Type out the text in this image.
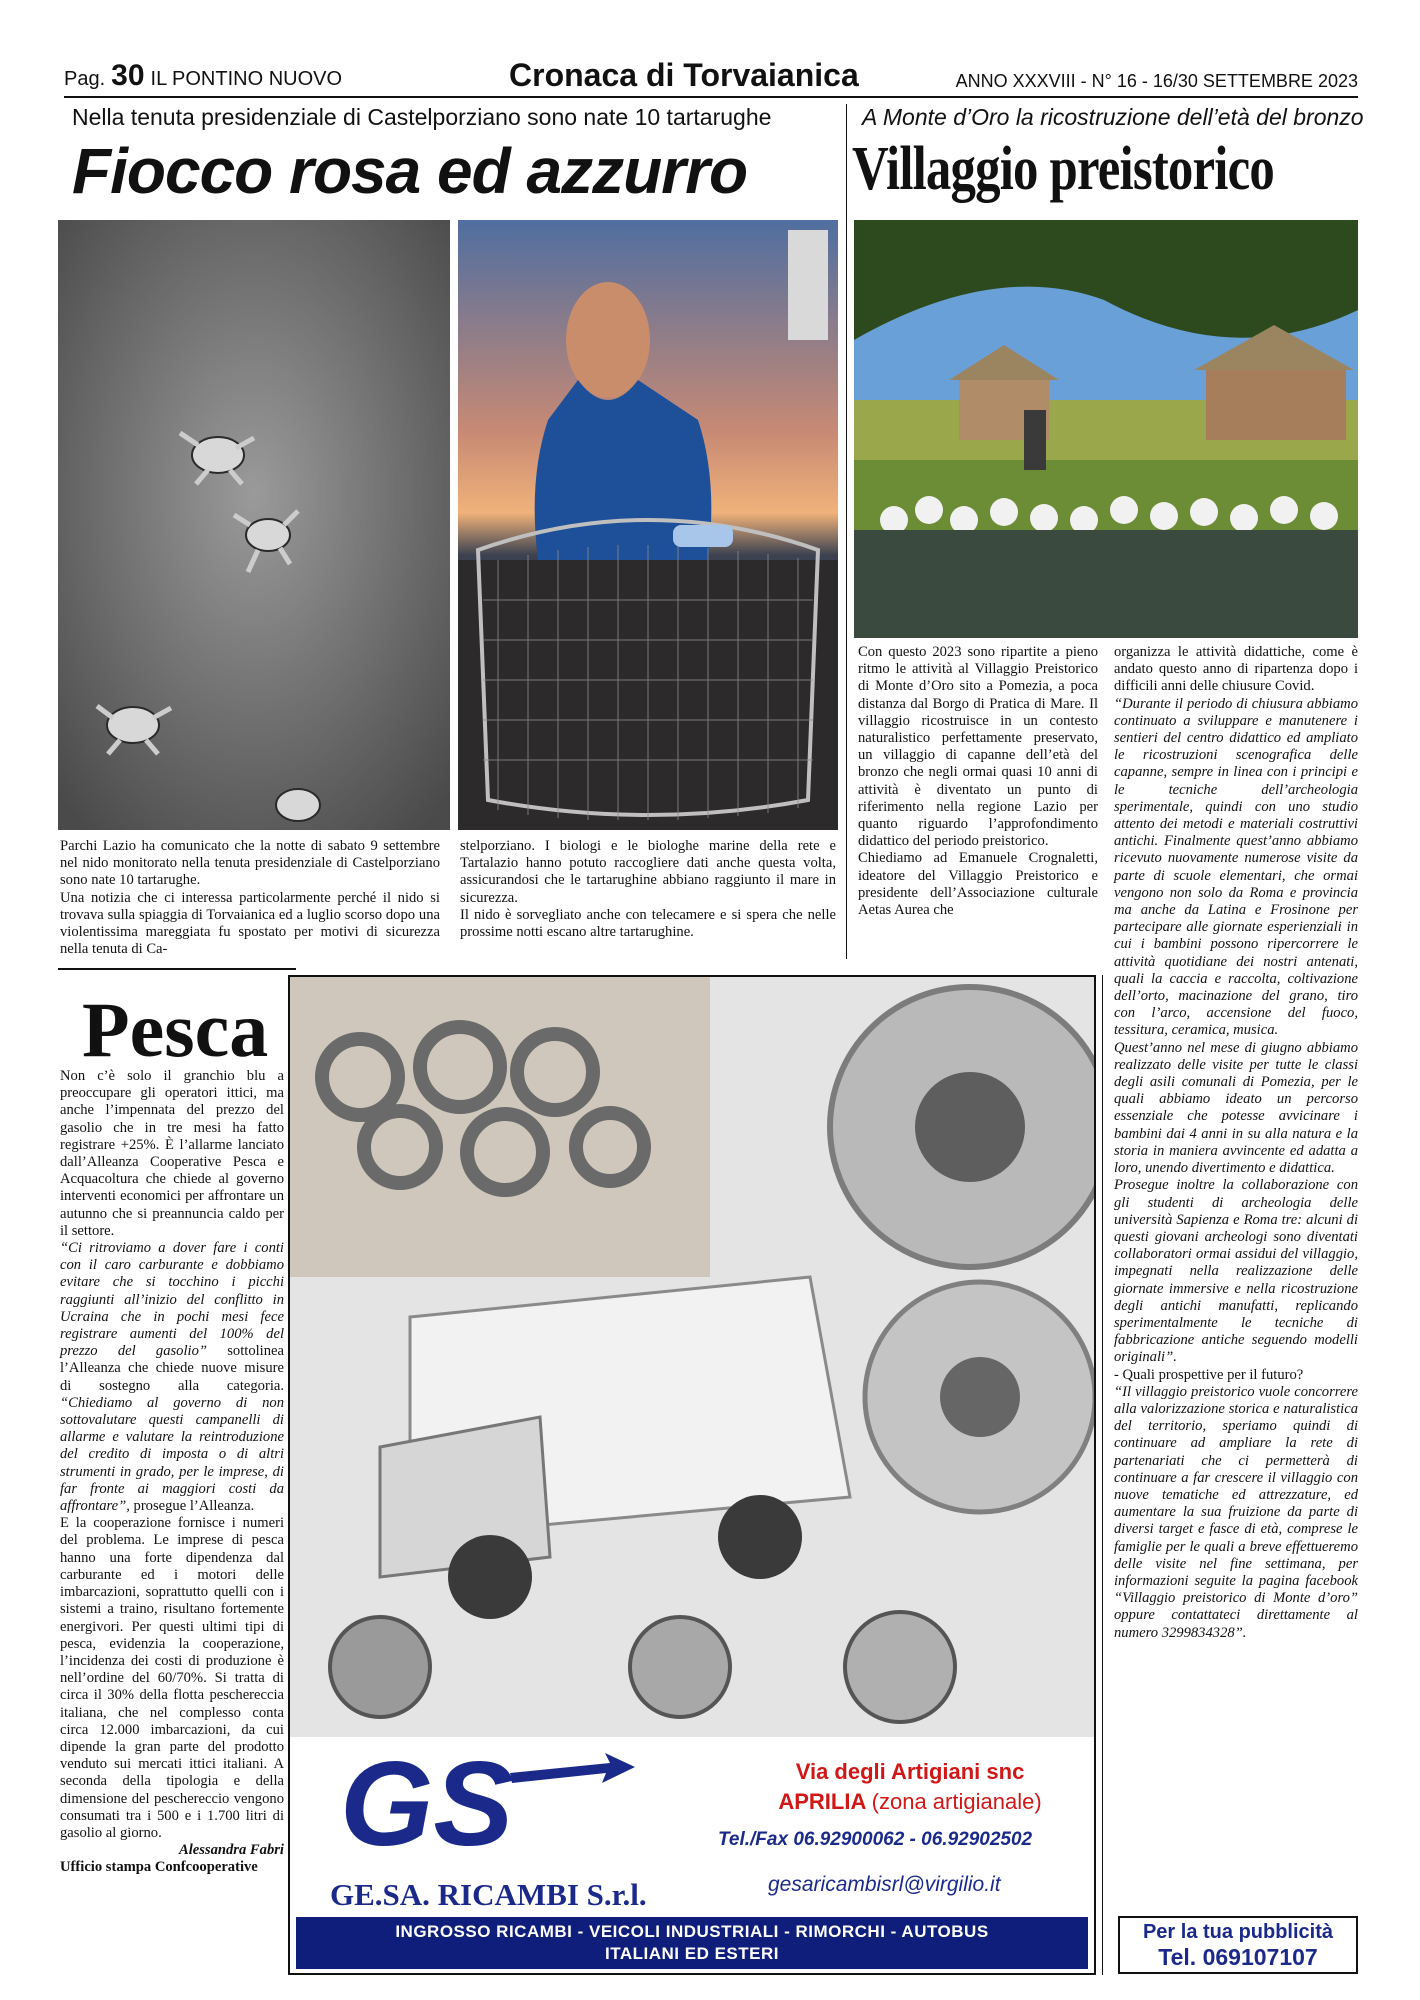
Pag. 30 IL PONTINO NUOVO	Cronaca di Torvaianica	ANNO XXXVIII - N° 16 - 16/30 SETTEMBRE 2023
Nella tenuta presidenziale di Castelporziano sono nate 10 tartarughe
Fiocco rosa ed azzurro

Parchi Lazio ha comunicato che la notte di sabato 9 settembre nel nido monitorato nella tenuta presidenziale di Castelporziano sono nate 10 tartarughe.

Una notizia che ci interessa particolarmente perché il nido si trovava sulla spiaggia di Torvaianica ed a luglio scorso dopo una violentissima mareggiata fu spostato per motivi di sicurezza nella tenuta di Ca-

stelporziano. I biologi e le biologhe marine della rete e Tartalazio hanno potuto raccogliere dati anche questa volta, assicurandosi che le tartarughine abbiano raggiunto il mare in sicurezza.

Il nido è sorvegliato anche con telecamere e si spera che nelle prossime notti escano altre tartarughine.

A Monte d’Oro la ricostruzione dell’età del bronzo
Villaggio preistorico

Con questo 2023 sono ripartite a pieno ritmo le attività al Villaggio Preistorico di Monte d’Oro sito a Pomezia, a poca distanza dal Borgo di Pratica di Mare. Il villaggio ricostruisce in un contesto naturalistico perfettamente preservato, un villaggio di capanne dell’età del bronzo che negli ormai quasi 10 anni di attività è diventato un punto di riferimento nella regione Lazio per quanto riguardo l’approfondimento didattico del periodo preistorico.

Chiediamo ad Emanuele Crognaletti, ideatore del Villaggio Preistorico e presidente dell’Associazione culturale Aetas Aurea che

organizza le attività didattiche, come è andato questo anno di ripartenza dopo i difficili anni delle chiusure Covid.

“Durante il periodo di chiusura abbiamo continuato a sviluppare e manutenere i sentieri del centro didattico ed ampliato le ricostruzioni scenografica delle capanne, sempre in linea con i principi e le tecniche dell’archeologia sperimentale, quindi con uno studio attento dei metodi e materiali costruttivi antichi. Finalmente quest’anno abbiamo ricevuto nuovamente numerose visite da parte di scuole elementari, che ormai vengono non solo da Roma e provincia ma anche da Latina e Frosinone per partecipare alle giornate esperienziali in cui i bambini possono ripercorrere le attività quotidiane dei nostri antenati, quali la caccia e raccolta, coltivazione dell’orto, macinazione del grano, tiro con l’arco, accensione del fuoco, tessitura, ceramica, musica.

Quest’anno nel mese di giugno abbiamo realizzato delle visite per tutte le classi degli asili comunali di Pomezia, per le quali abbiamo ideato un percorso essenziale che potesse avvicinare i bambini dai 4 anni in su alla natura e la storia in maniera avvincente ed adatta a loro, unendo divertimento e didattica.

Prosegue inoltre la collaborazione con gli studenti di archeologia delle università Sapienza e Roma tre: alcuni di questi giovani archeologi sono diventati collaboratori ormai assidui del villaggio, impegnati nella realizzazione delle giornate immersive e nella ricostruzione degli antichi manufatti, replicando sperimentalmente le tecniche di fabbricazione antiche seguendo modelli originali”.

- Quali prospettive per il futuro?

“Il villaggio preistorico vuole concorrere alla valorizzazione storica e naturalistica del territorio, speriamo quindi di continuare ad ampliare la rete di partenariati che ci permetterà di continuare a far crescere il villaggio con nuove tematiche ed attrezzature, ed aumentare la sua fruizione da parte di diversi target e fasce di età, comprese le famiglie per le quali a breve effettueremo delle visite nel fine settimana, per informazioni seguite la pagina facebook “Villaggio preistorico di Monte d’oro” oppure contattateci direttamente al numero 3299834328”.

Pesca

Non c’è solo il granchio blu a preoccupare gli operatori ittici, ma anche l’impennata del prezzo del gasolio che in tre mesi ha fatto registrare +25%. È l’allarme lanciato dall’Alleanza Cooperative Pesca e Acquacoltura che chiede al governo interventi economici per affrontare un autunno che si preannuncia caldo per il settore.

“Ci ritroviamo a dover fare i conti con il caro carburante e dobbiamo evitare che si tocchino i picchi raggiunti all’inizio del conflitto in Ucraina che in pochi mesi fece registrare aumenti del 100% del prezzo del gasolio” sottolinea l’Alleanza che chiede nuove misure di sostegno alla categoria. “Chiediamo al governo di non sottovalutare questi campanelli di allarme e valutare la reintroduzione del credito di imposta o di altri strumenti in grado, per le imprese, di far fronte ai maggiori costi da affrontare”, prosegue l’Alleanza.

E la cooperazione fornisce i numeri del problema. Le imprese di pesca hanno una forte dipendenza dal carburante ed i motori delle imbarcazioni, soprattutto quelli con i sistemi a traino, risultano fortemente energivori. Per questi ultimi tipi di pesca, evidenzia la cooperazione, l’incidenza dei costi di produzione è nell’ordine del 60/70%. Si tratta di circa il 30% della flotta peschereccia italiana, che nel complesso conta circa 12.000 imbarcazioni, da cui dipende la gran parte del prodotto venduto sui mercati ittici italiani. A seconda della tipologia e della dimensione del peschereccio vengono consumati tra i 500 e i 1.700 litri di gasolio al giorno.

Alessandra Fabri

Ufficio stampa Confcooperative GS
GE.SA. RICAMBI S.r.l.
Via degli Artigiani snc
APRILIA (zona artigianale)
Tel./Fax 06.92900062 - 06.92902502
gesaricambisrl@virgilio.it
INGROSSO RICAMBI - VEICOLI INDUSTRIALI - RIMORCHI - AUTOBUS
ITALIANI ED ESTERI
Per la tua pubblicità
Tel. 069107107
